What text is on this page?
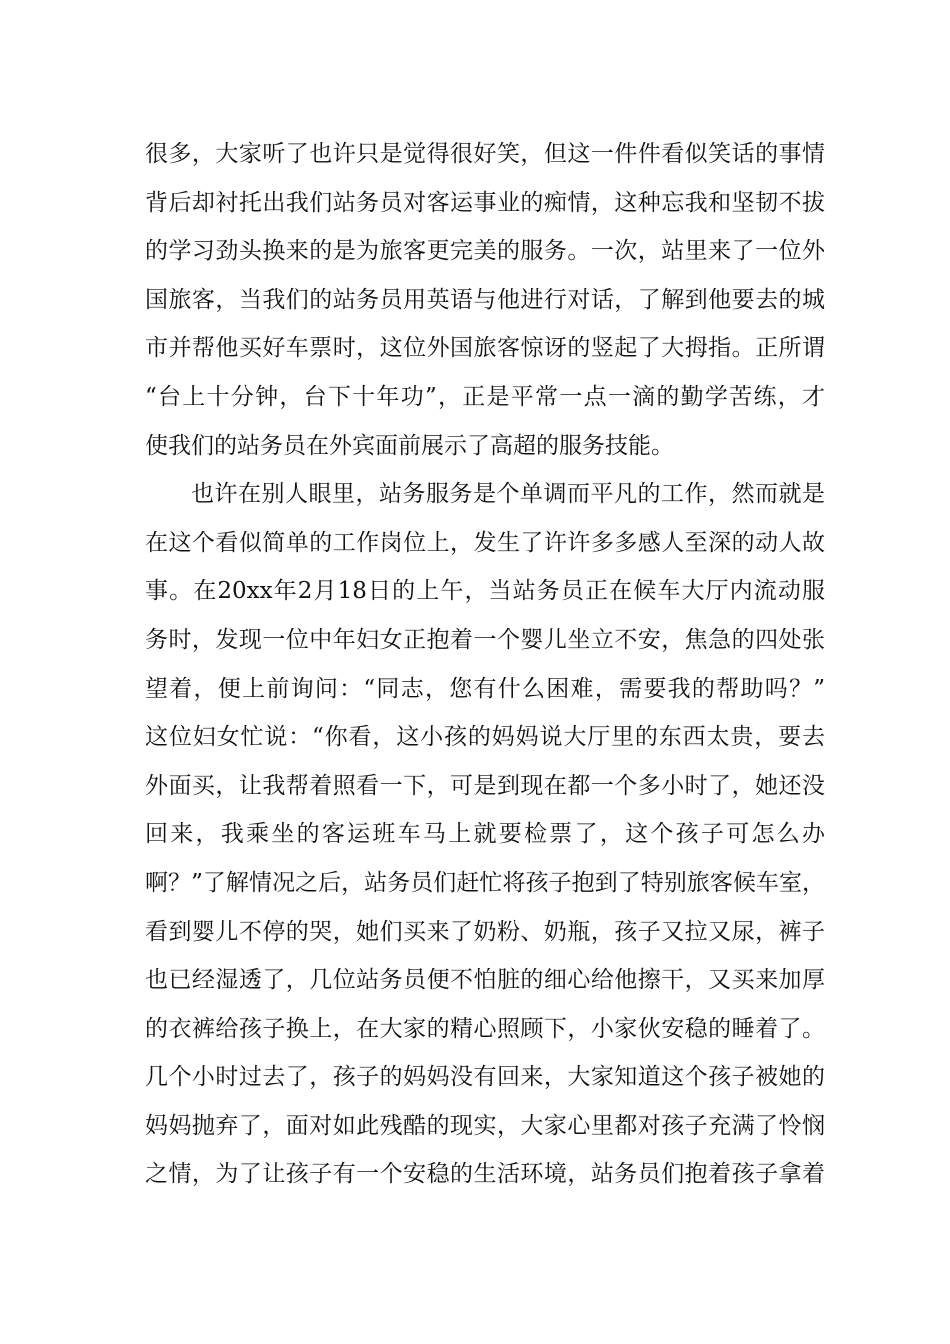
很多，大家听了也许只是觉得很好笑，但这一件件看似笑话的事情
背后却衬托出我们站务员对客运事业的痴情，这种忘我和坚韧不拔
的学习劲头换来的是为旅客更完美的服务。一次，站里来了一位外
国旅客，当我们的站务员用英语与他进行对话，了解到他要去的城
市并帮他买好车票时，这位外国旅客惊讶的竖起了大拇指。正所谓
“台上十分钟，台下十年功”，正是平常一点一滴的勤学苦练，才
使我们的站务员在外宾面前展示了高超的服务技能。
也许在别人眼里，站务服务是个单调而平凡的工作，然而就是
在这个看似简单的工作岗位上，发生了许许多多感人至深的动人故
事。在20xx年2月18日的上午，当站务员正在候车大厅内流动服
务时，发现一位中年妇女正抱着一个婴儿坐立不安，焦急的四处张
望着，便上前询问：“同志，您有什么困难，需要我的帮助吗？”
这位妇女忙说：“你看，这小孩的妈妈说大厅里的东西太贵，要去
外面买，让我帮着照看一下，可是到现在都一个多小时了，她还没
回来，我乘坐的客运班车马上就要检票了，这个孩子可怎么办
啊？”了解情况之后，站务员们赶忙将孩子抱到了特别旅客候车室，
看到婴儿不停的哭，她们买来了奶粉、奶瓶，孩子又拉又尿，裤子
也已经湿透了，几位站务员便不怕脏的细心给他擦干，又买来加厚
的衣裤给孩子换上，在大家的精心照顾下，小家伙安稳的睡着了。
几个小时过去了，孩子的妈妈没有回来，大家知道这个孩子被她的
妈妈抛弃了，面对如此残酷的现实，大家心里都对孩子充满了怜悯
之情，为了让孩子有一个安稳的生活环境，站务员们抱着孩子拿着
